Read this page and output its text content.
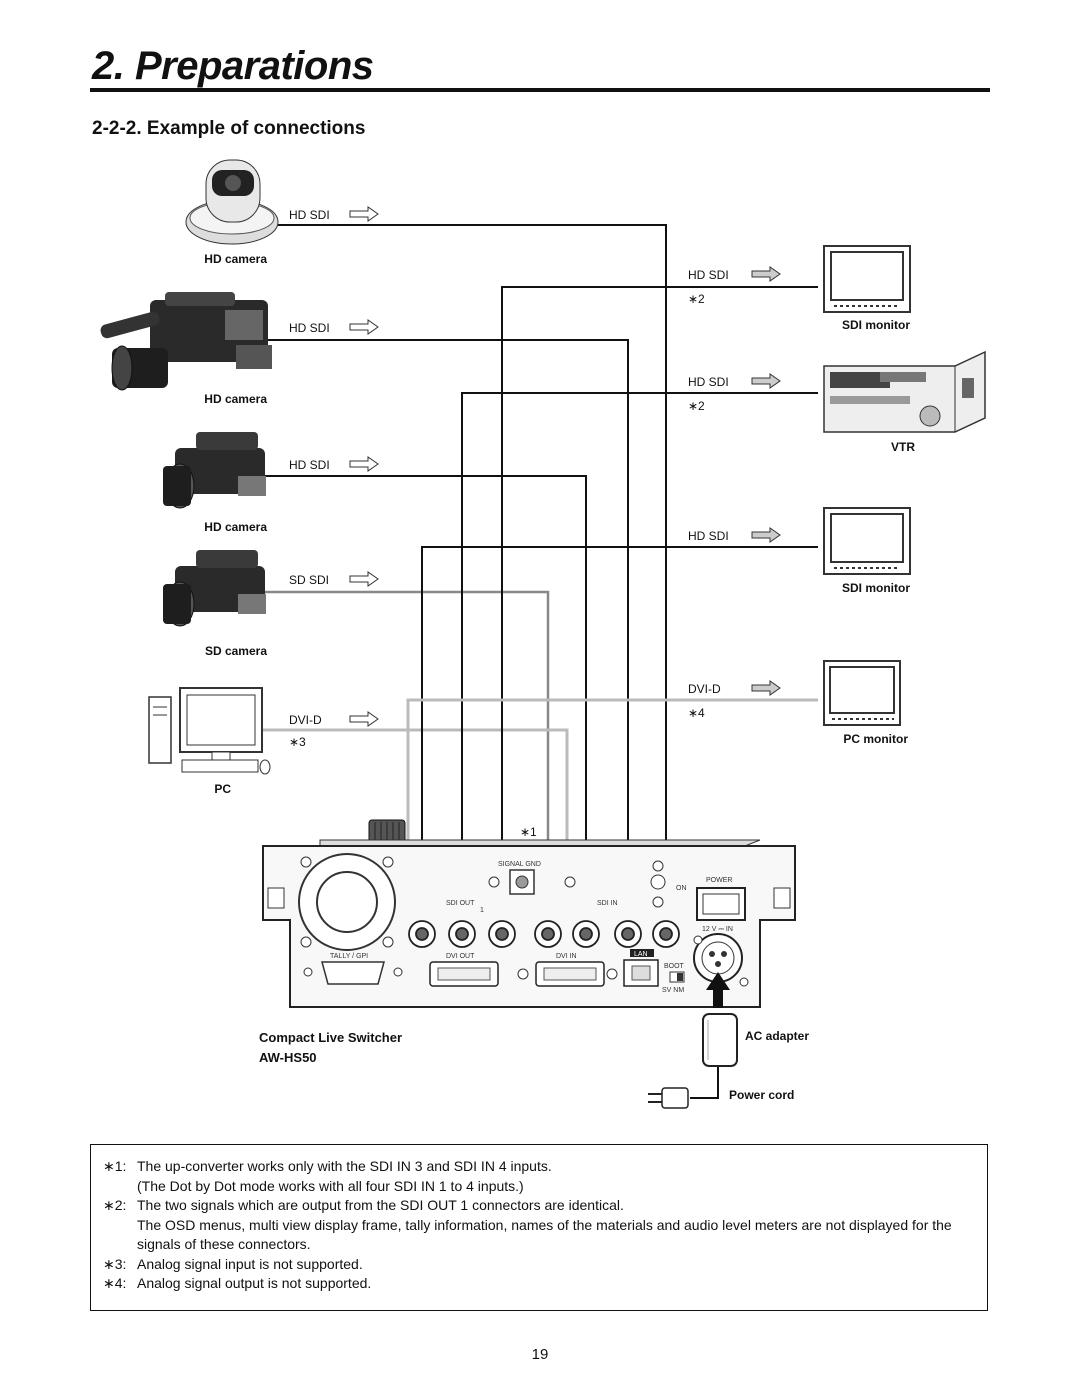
2. Preparations
2-2-2. Example of connections
HD SDI
HD SDI
HD SDI
SD SDI
DVI-D
∗3
HD SDI
∗2
HD SDI
∗2
HD SDI
DVI-D
∗4
HD camera
HD camera
HD camera
SD camera
PC
SDI monitor
VTR
SDI monitor
PC monitor
TALLY / GPI
SIGNAL GND
SDI OUT	SDI IN
1
DVI OUT	DVI IN	LAN
BOOT
SV NM
POWER
ON
12 V ⎓ IN
Compact Live Switcher
AW-HS50
∗1
AC adapter
Power cord
∗1: The up-converter works only with the SDI IN 3 and SDI IN 4 inputs.
(The Dot by Dot mode works with all four SDI IN 1 to 4 inputs.)
∗2: The two signals which are output from the SDI OUT 1 connectors are identical.
The OSD menus, multi view display frame, tally information, names of the materials and audio level meters are not displayed for the signals of these connectors.
∗3: Analog signal input is not supported.
∗4: Analog signal output is not supported.
19
